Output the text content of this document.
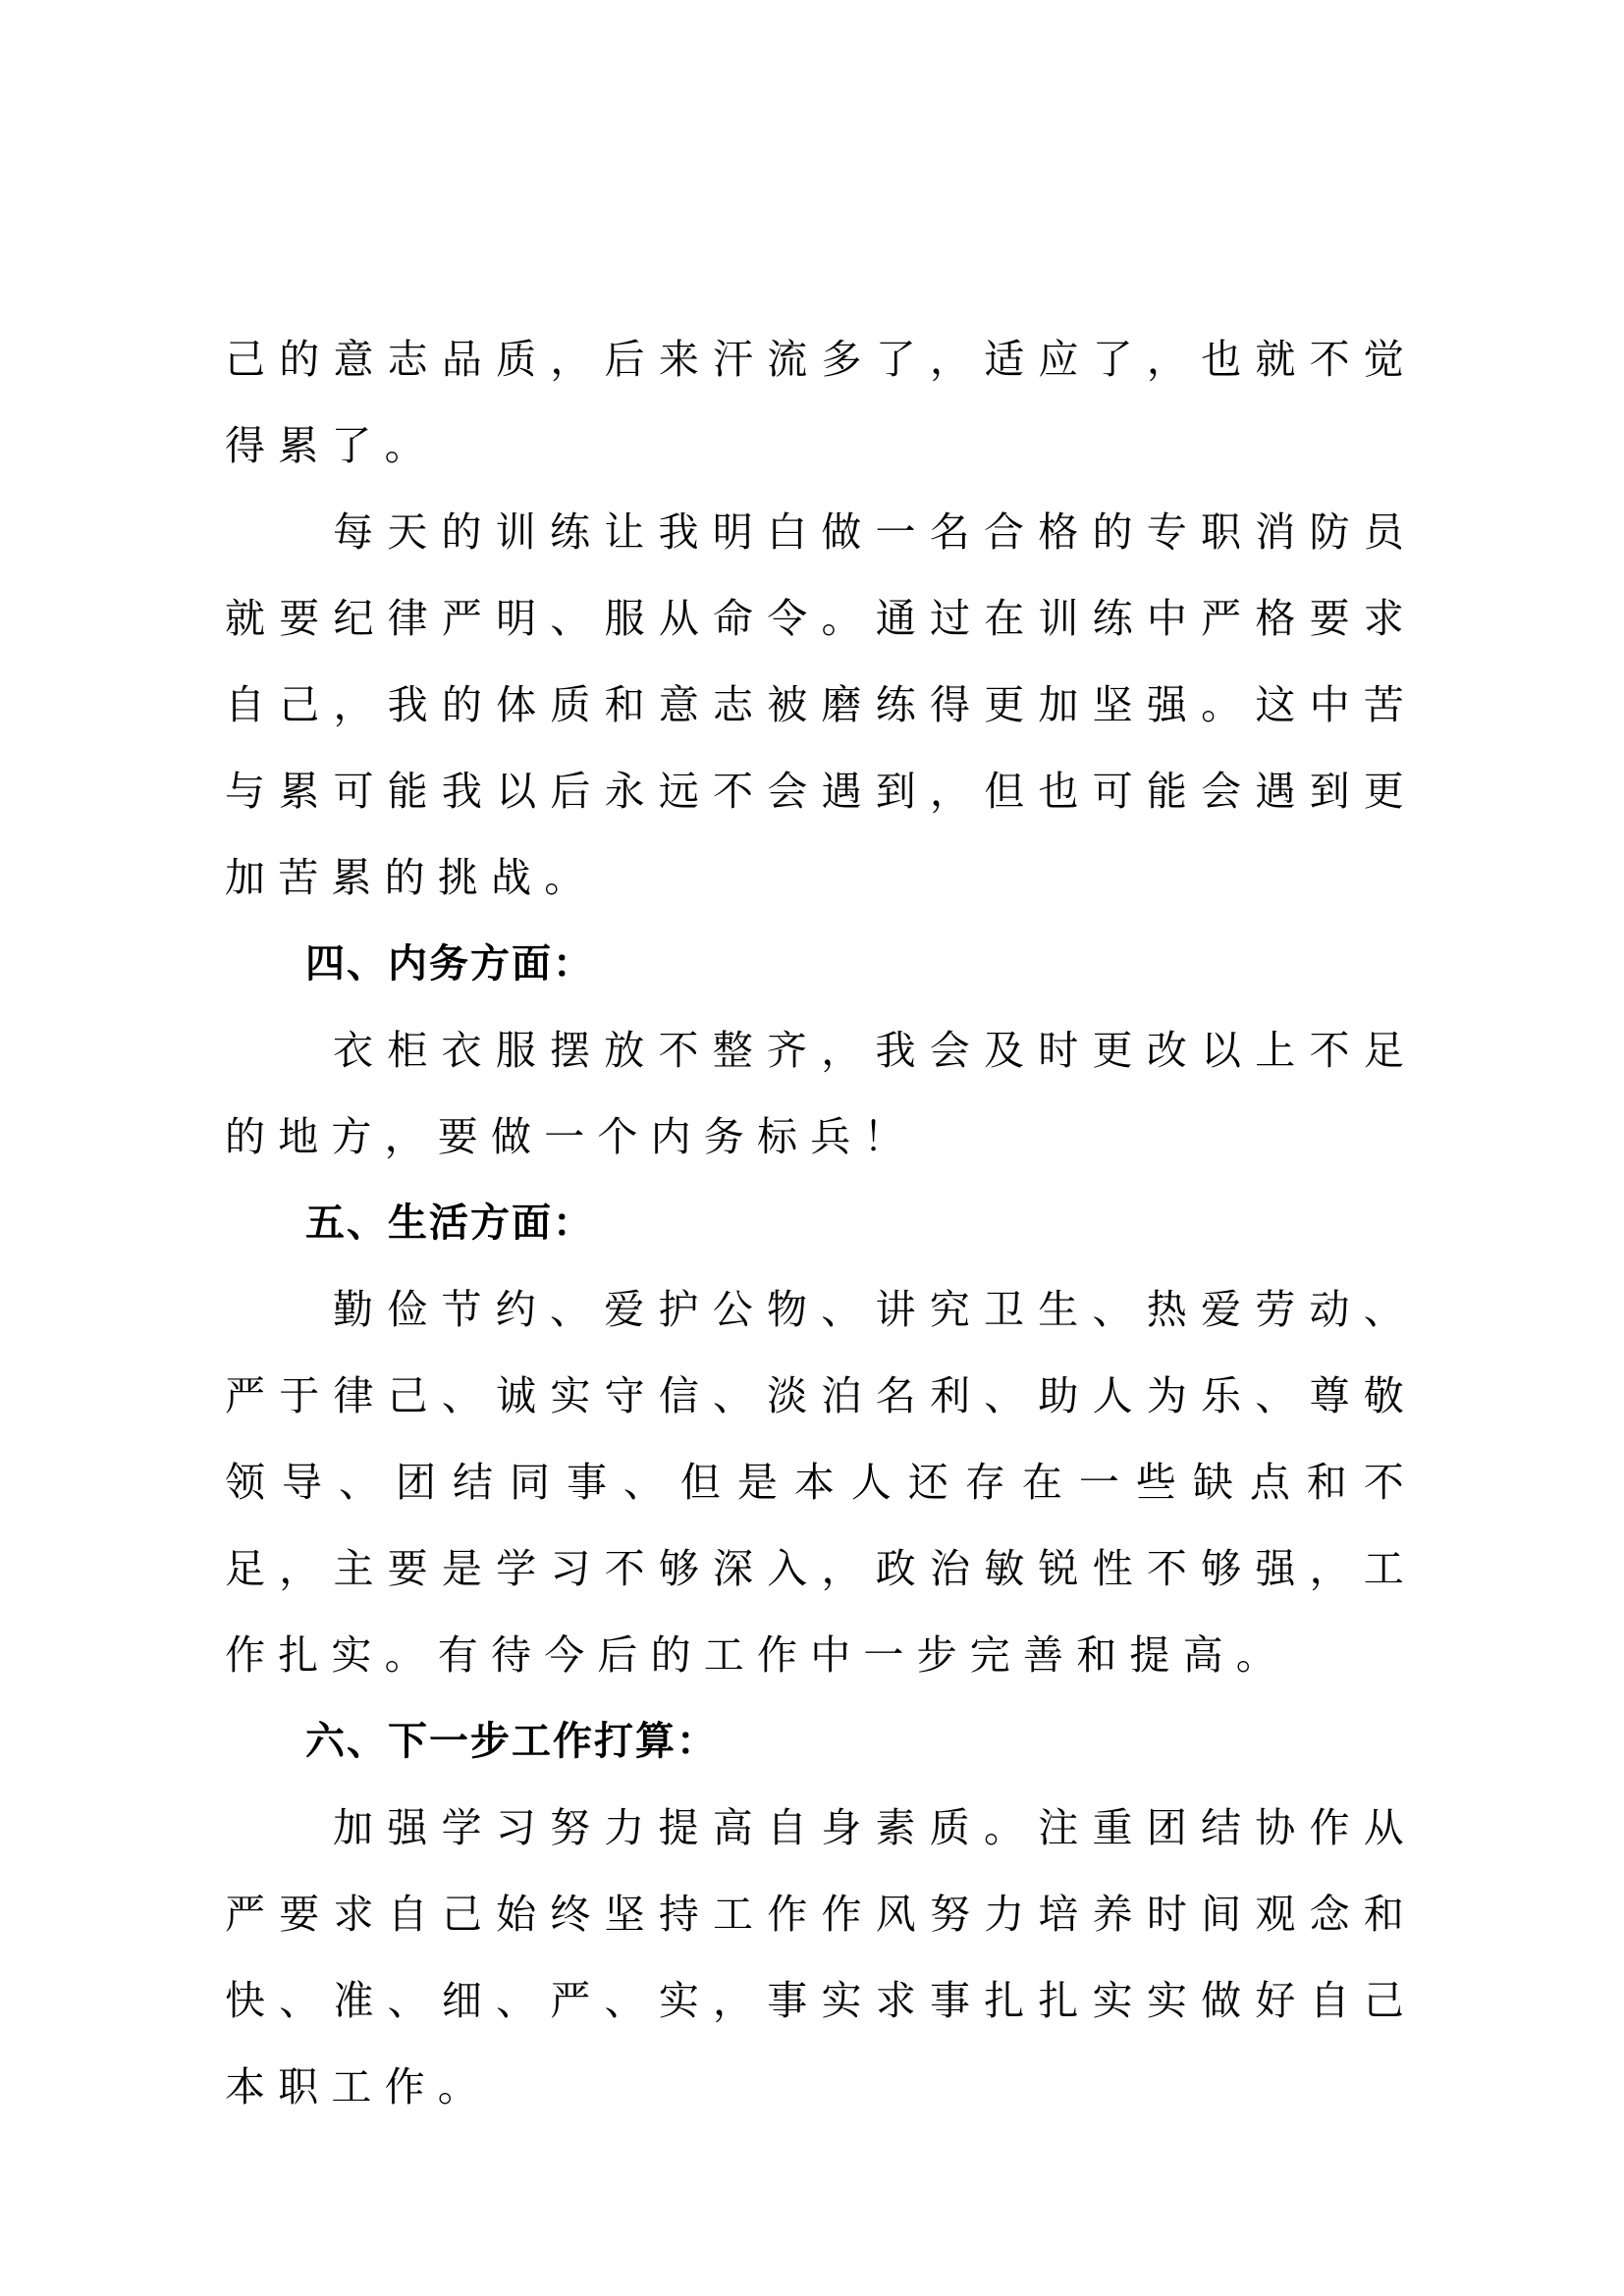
己的意志品质，后来汗流多了，适应了，也就不觉得累了。

每天的训练让我明白做一名合格的专职消防员就要纪律严明、服从命令。通过在训练中严格要求自己，我的体质和意志被磨练得更加坚强。这中苦与累可能我以后永远不会遇到，但也可能会遇到更加苦累的挑战。

四、内务方面：

衣柜衣服摆放不整齐，我会及时更改以上不足的地方，要做一个内务标兵！

五、生活方面：

勤俭节约、爱护公物、讲究卫生、热爱劳动、严于律己、诚实守信、淡泊名利、助人为乐、尊敬领导、团结同事、但是本人还存在一些缺点和不足，主要是学习不够深入，政治敏锐性不够强，工作扎实。有待今后的工作中一步完善和提高。

六、下一步工作打算：

加强学习努力提高自身素质。注重团结协作从严要求自己始终坚持工作作风努力培养时间观念和快、准、细、严、实，事实求事扎扎实实做好自己本职工作。
